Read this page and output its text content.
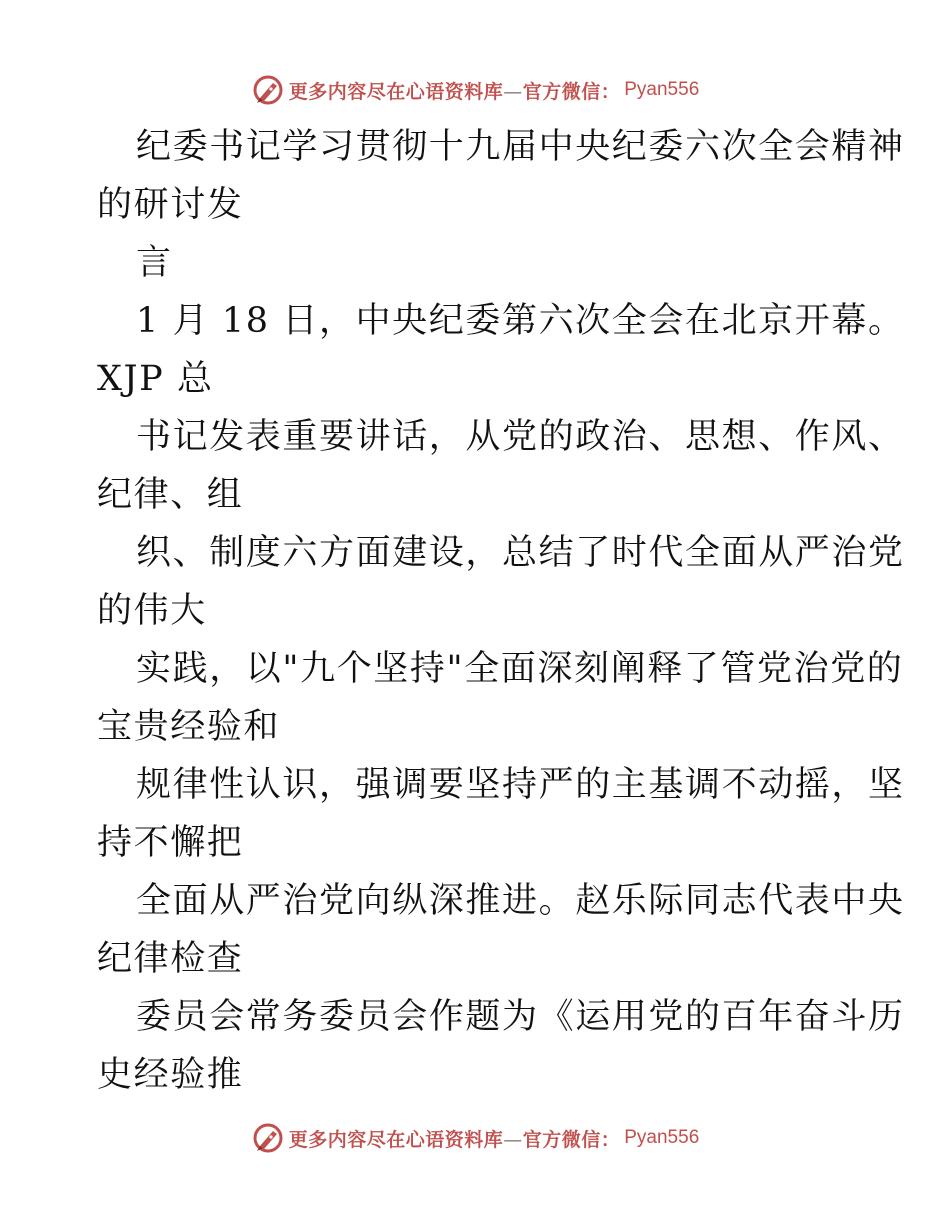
更多内容尽在心语资料库—官方微信： Pyan556
纪委书记学习贯彻十九届中央纪委六次全会精神
的研讨发
言
1 月 18 日，中央纪委第六次全会在北京开幕。
XJP 总
书记发表重要讲话，从党的政治、思想、作风、
纪律、组
织、制度六方面建设，总结了时代全面从严治党
的伟大
实践，以"九个坚持"全面深刻阐释了管党治党的
宝贵经验和
规律性认识，强调要坚持严的主基调不动摇，坚
持不懈把
全面从严治党向纵深推进。赵乐际同志代表中央
纪律检查
委员会常务委员会作题为《运用党的百年奋斗历
史经验推
更多内容尽在心语资料库—官方微信： Pyan556
